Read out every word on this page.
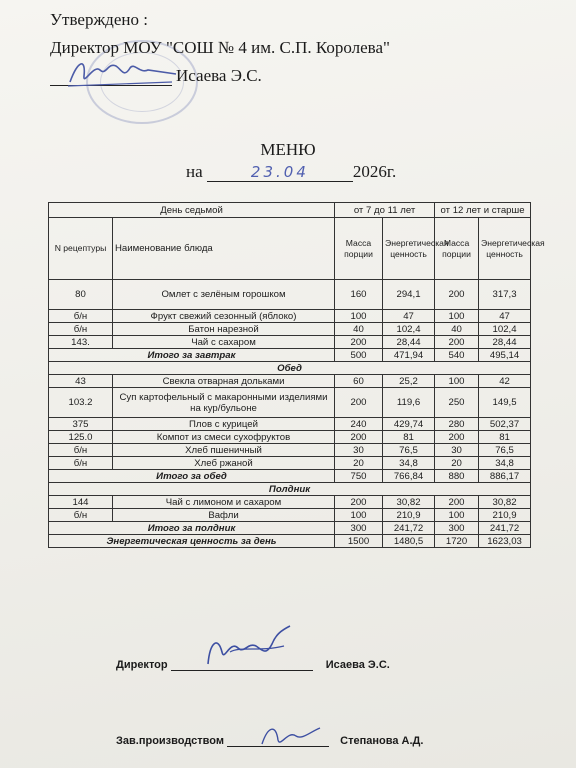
Утверждено :
Директор МОУ "СОШ № 4 им. С.П. Королева"
Исаева Э.С.
МЕНЮ
на	23.04	2026г.
День седьмой		от 7 до 11 лет		от 12 лет и старше	
N рецептуры	Наименование блюда	Масса порции	Энергетическая ценность	Масса порции	Энергетическая ценность
80	Омлет с зелёным горошком	160	294,1	200	317,3
б/н	Фрукт свежий сезонный (яблоко)	100	47	100	47
б/н	Батон нарезной	40	102,4	40	102,4
143.	Чай с сахаром	200	28,44	200	28,44
Итого за завтрак		500	471,94	540	495,14
Обед					
43	Свекла отварная дольками	60	25,2	100	42
103.2	Суп картофельный с макаронными изделиями на кур/бульоне	200	119,6	250	149,5
375	Плов с курицей	240	429,74	280	502,37
125.0	Компот из смеси сухофруктов	200	81	200	81
б/н	Хлеб пшеничный	30	76,5	30	76,5
б/н	Хлеб ржаной	20	34,8	20	34,8
Итого за обед		750	766,84	880	886,17
Полдник					
144	Чай с лимоном и сахаром	200	30,82	200	30,82
б/н	Вафли	100	210,9	100	210,9
Итого за полдник		300	241,72	300	241,72
Энергетическая ценность за день		1500	1480,5	1720	1623,03
Директор	Исаева Э.С.
Зав.производством	Степанова А.Д.
